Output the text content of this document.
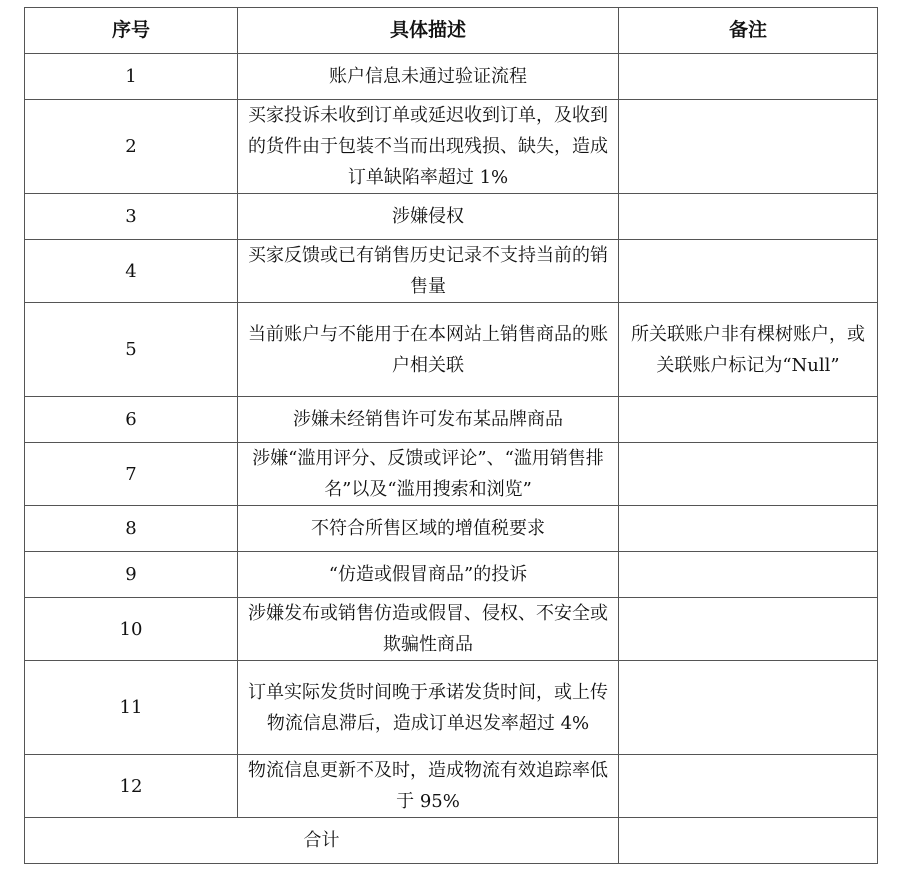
序号	具体描述	备注
1	账户信息未通过验证流程	
2	买家投诉未收到订单或延迟收到订单，及收到的货件由于包装不当而出现残损、缺失，造成订单缺陷率超过 1%	
3	涉嫌侵权	
4	买家反馈或已有销售历史记录不支持当前的销售量	
5	当前账户与不能用于在本网站上销售商品的账户相关联	所关联账户非有棵树账户，或关联账户标记为“Null”
6	涉嫌未经销售许可发布某品牌商品	
7	涉嫌“滥用评分、反馈或评论”、“滥用销售排名”以及“滥用搜索和浏览”	
8	不符合所售区域的增值税要求	
9	“仿造或假冒商品”的投诉	
10	涉嫌发布或销售仿造或假冒、侵权、不安全或欺骗性商品	
11	订单实际发货时间晚于承诺发货时间，或上传物流信息滞后，造成订单迟发率超过 4%	
12	物流信息更新不及时，造成物流有效追踪率低于 95%	
合计		
